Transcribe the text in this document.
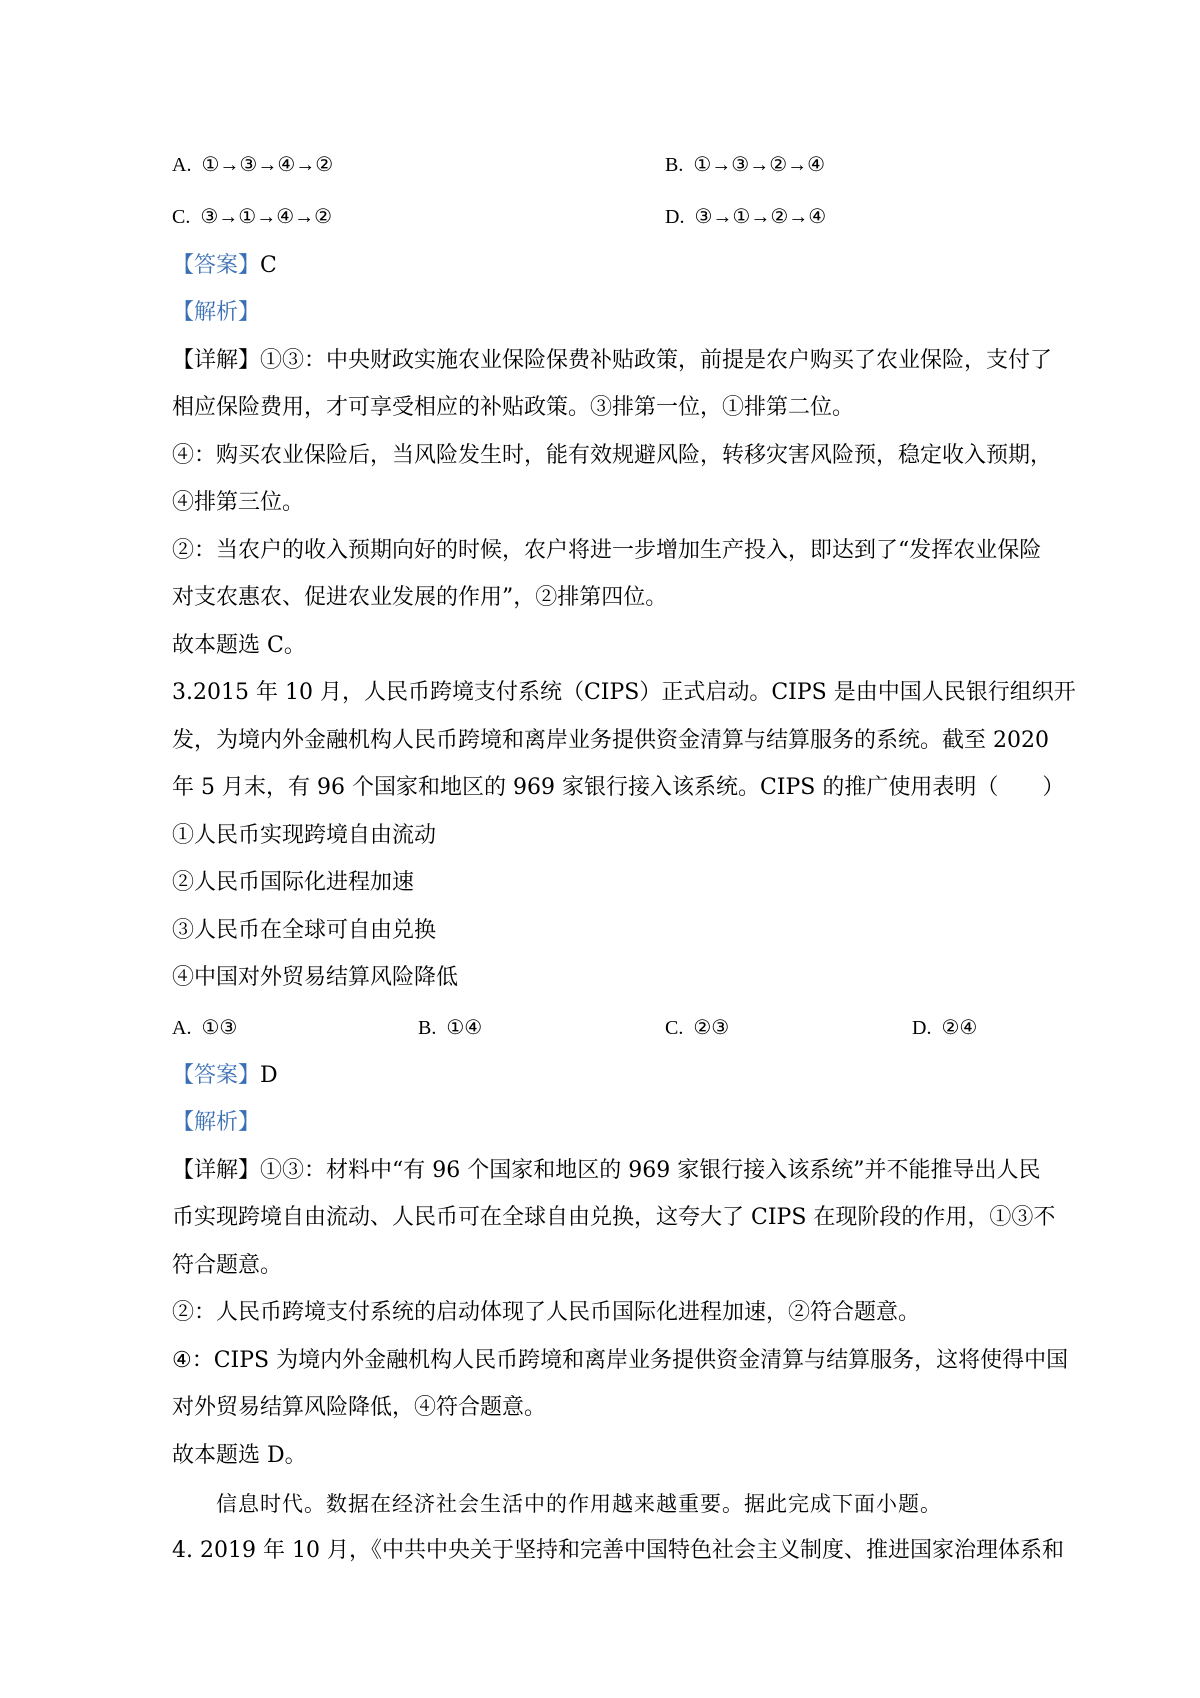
A. ①→③→④→②	B. ①→③→②→④
C. ③→①→④→②	D. ③→①→②→④
【答案】C
【解析】
【详解】①③：中央财政实施农业保险保费补贴政策，前提是农户购买了农业保险，支付了
相应保险费用，才可享受相应的补贴政策。③排第一位，①排第二位。
④：购买农业保险后，当风险发生时，能有效规避风险，转移灾害风险预，稳定收入预期，
④排第三位。
②：当农户的收入预期向好的时候，农户将进一步增加生产投入，即达到了“发挥农业保险
对支农惠农、促进农业发展的作用”，②排第四位。
故本题选 C。
3.2015 年 10 月，人民币跨境支付系统（CIPS）正式启动。CIPS 是由中国人民银行组织开
发，为境内外金融机构人民币跨境和离岸业务提供资金清算与结算服务的系统。截至 2020
年 5 月末，有 96 个国家和地区的 969 家银行接入该系统。CIPS 的推广使用表明（　　）
①人民币实现跨境自由流动
②人民币国际化进程加速
③人民币在全球可自由兑换
④中国对外贸易结算风险降低
A. ①③	B. ①④	C. ②③	D. ②④
【答案】D
【解析】
【详解】①③：材料中“有 96 个国家和地区的 969 家银行接入该系统”并不能推导出人民
币实现跨境自由流动、人民币可在全球自由兑换，这夸大了 CIPS 在现阶段的作用，①③不
符合题意。
②：人民币跨境支付系统的启动体现了人民币国际化进程加速，②符合题意。
④：CIPS 为境内外金融机构人民币跨境和离岸业务提供资金清算与结算服务，这将使得中国
对外贸易结算风险降低，④符合题意。
故本题选 D。
信息时代。数据在经济社会生活中的作用越来越重要。据此完成下面小题。
4. 2019 年 10 月，《中共中央关于坚持和完善中国特色社会主义制度、推进国家治理体系和
